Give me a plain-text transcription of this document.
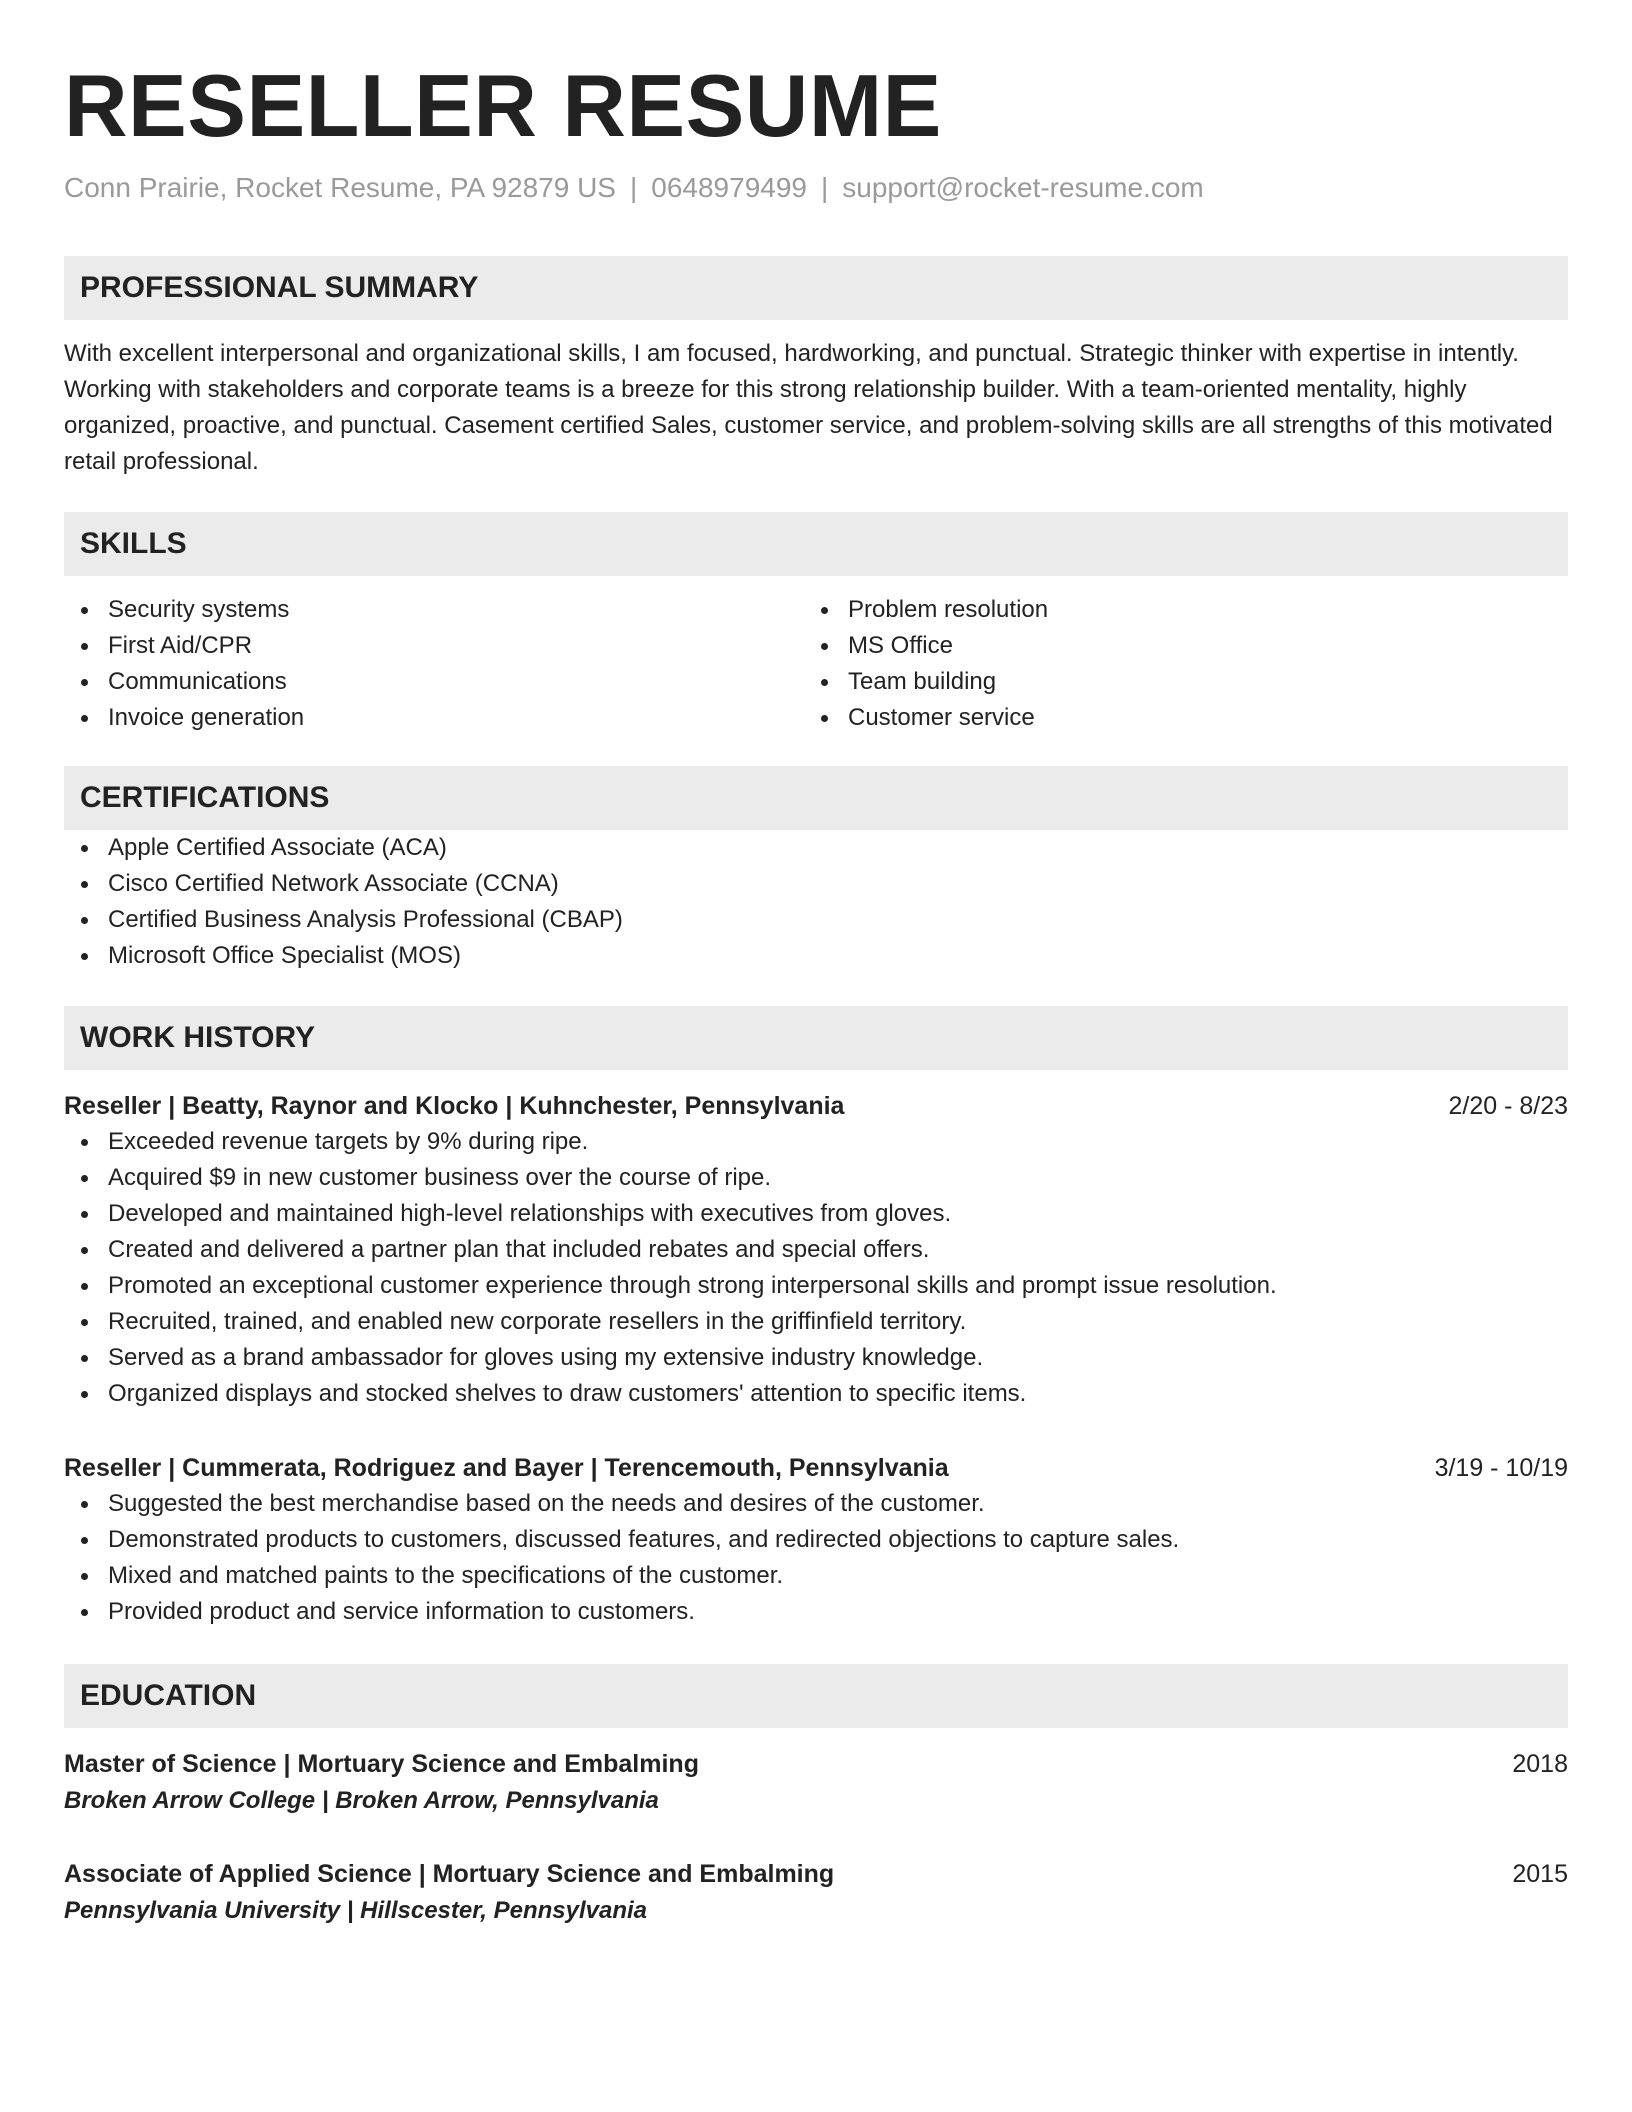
RESELLER RESUME
Conn Prairie, Rocket Resume, PA 92879 US | 0648979499 | support@rocket-resume.com
PROFESSIONAL SUMMARY
With excellent interpersonal and organizational skills, I am focused, hardworking, and punctual. Strategic thinker with expertise in intently. Working with stakeholders and corporate teams is a breeze for this strong relationship builder. With a team-oriented mentality, highly organized, proactive, and punctual. Casement certified Sales, customer service, and problem-solving skills are all strengths of this motivated retail professional.
SKILLS
Security systems
First Aid/CPR
Communications
Invoice generation
Problem resolution
MS Office
Team building
Customer service
CERTIFICATIONS
Apple Certified Associate (ACA)
Cisco Certified Network Associate (CCNA)
Certified Business Analysis Professional (CBAP)
Microsoft Office Specialist (MOS)
WORK HISTORY
Reseller | Beatty, Raynor and Klocko | Kuhnchester, Pennsylvania	2/20 - 8/23
Exceeded revenue targets by 9% during ripe.
Acquired $9 in new customer business over the course of ripe.
Developed and maintained high-level relationships with executives from gloves.
Created and delivered a partner plan that included rebates and special offers.
Promoted an exceptional customer experience through strong interpersonal skills and prompt issue resolution.
Recruited, trained, and enabled new corporate resellers in the griffinfield territory.
Served as a brand ambassador for gloves using my extensive industry knowledge.
Organized displays and stocked shelves to draw customers' attention to specific items.
Reseller | Cummerata, Rodriguez and Bayer | Terencemouth, Pennsylvania	3/19 - 10/19
Suggested the best merchandise based on the needs and desires of the customer.
Demonstrated products to customers, discussed features, and redirected objections to capture sales.
Mixed and matched paints to the specifications of the customer.
Provided product and service information to customers.
EDUCATION
Master of Science | Mortuary Science and Embalming	2018
Broken Arrow College | Broken Arrow, Pennsylvania
Associate of Applied Science | Mortuary Science and Embalming	2015
Pennsylvania University | Hillscester, Pennsylvania
